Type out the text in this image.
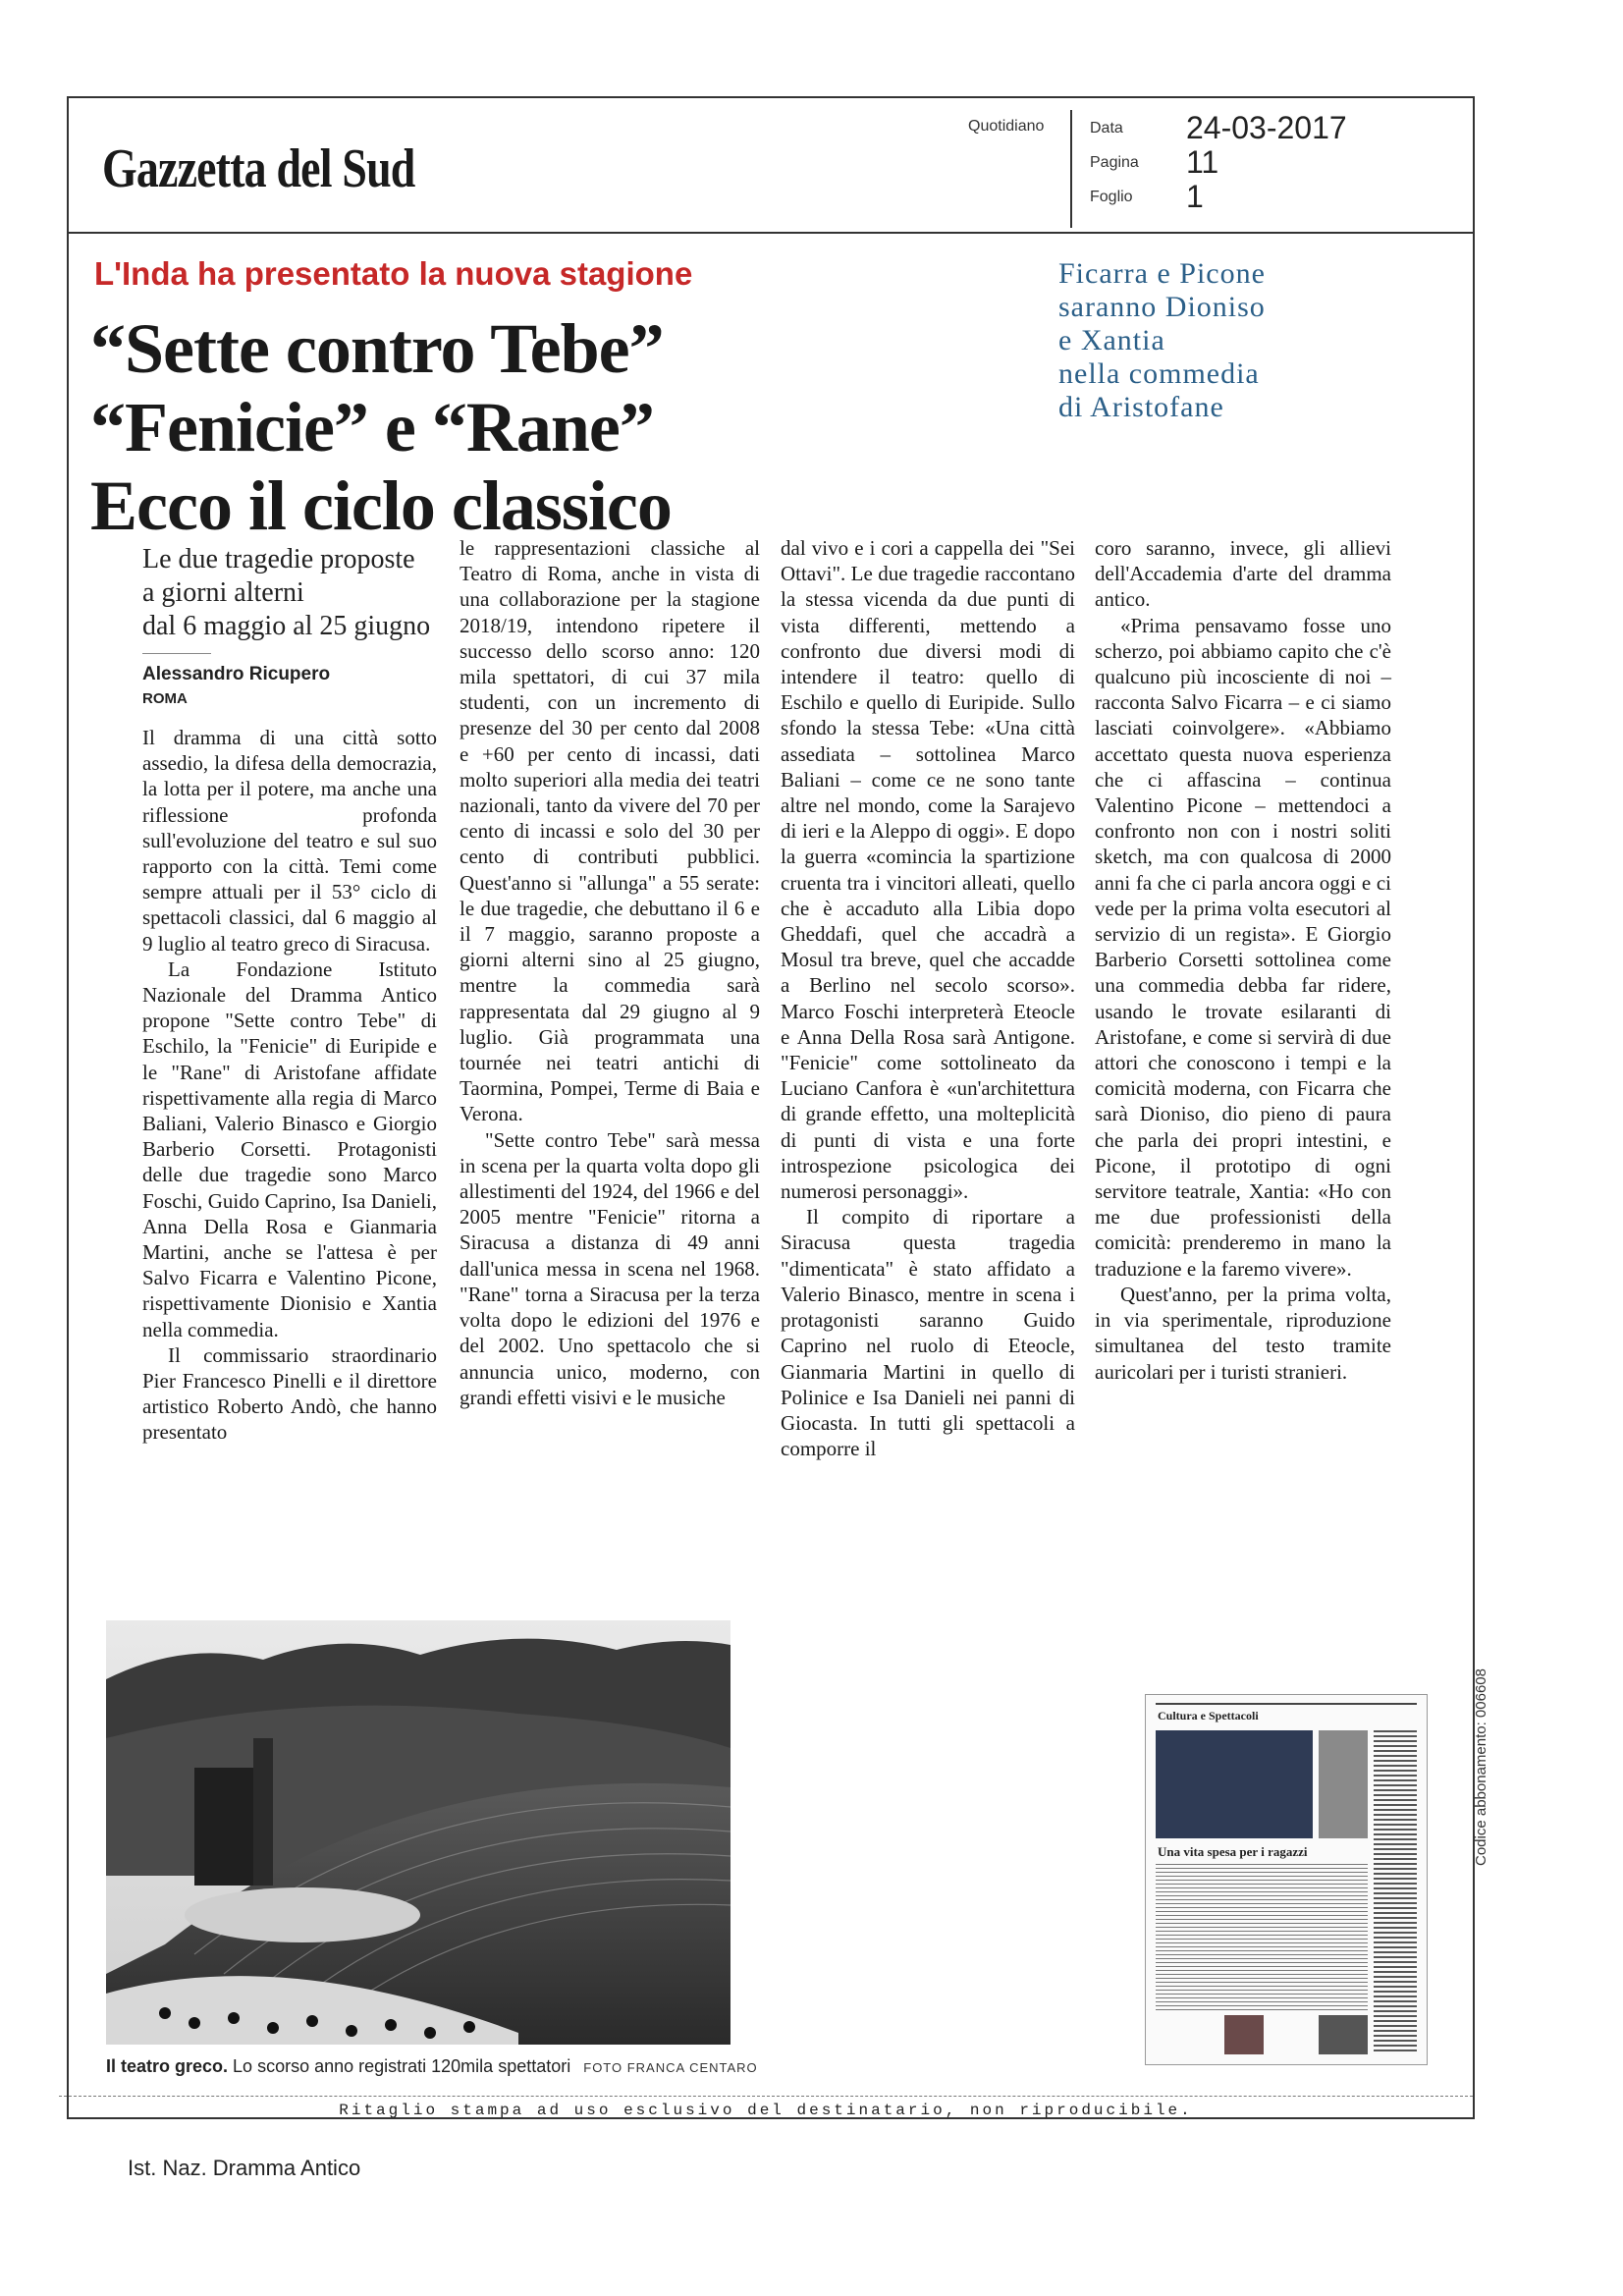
Gazzetta del Sud
Quotidiano	Data 24-03-2017
Pagina 11
Foglio 1
L'Inda ha presentato la nuova stagione
“Sette contro Tebe”
“Fenicie” e “Rane”
Ecco il ciclo classico
Le due tragedie proposte
a giorni alterni
dal 6 maggio al 25 giugno
Alessandro Ricupero
ROMA
Ficarra e Picone
saranno Dioniso
e Xantia
nella commedia
di Aristofane

Il dramma di una città sotto assedio, la difesa della democrazia, la lotta per il potere, ma anche una riflessione profonda sull'evoluzione del teatro e sul suo rapporto con la città. Temi come sempre attuali per il 53° ciclo di spettacoli classici, dal 6 maggio al 9 luglio al teatro greco di Siracusa.

La Fondazione Istituto Nazionale del Dramma Antico propone "Sette contro Tebe" di Eschilo, la "Fenicie" di Euripide e le "Rane" di Aristofane affidate rispettivamente alla regia di Marco Baliani, Valerio Binasco e Giorgio Barberio Corsetti. Protagonisti delle due tragedie sono Marco Foschi, Guido Caprino, Isa Danieli, Anna Della Rosa e Gianmaria Martini, anche se l'attesa è per Salvo Ficarra e Valentino Picone, rispettivamente Dionisio e Xantia nella commedia.

Il commissario straordinario Pier Francesco Pinelli e il direttore artistico Roberto Andò, che hanno presentato

le rappresentazioni classiche al Teatro di Roma, anche in vista di una collaborazione per la stagione 2018/19, intendono ripetere il successo dello scorso anno: 120 mila spettatori, di cui 37 mila studenti, con un incremento di presenze del 30 per cento dal 2008 e +60 per cento di incassi, dati molto superiori alla media dei teatri nazionali, tanto da vivere del 70 per cento di incassi e solo del 30 per cento di contributi pubblici. Quest'anno si "allunga" a 55 serate: le due tragedie, che debuttano il 6 e il 7 maggio, saranno proposte a giorni alterni sino al 25 giugno, mentre la commedia sarà rappresentata dal 29 giugno al 9 luglio. Già programmata una tournée nei teatri antichi di Taormina, Pompei, Terme di Baia e Verona.

"Sette contro Tebe" sarà messa in scena per la quarta volta dopo gli allestimenti del 1924, del 1966 e del 2005 mentre "Fenicie" ritorna a Siracusa a distanza di 49 anni dall'unica messa in scena nel 1968. "Rane" torna a Siracusa per la terza volta dopo le edizioni del 1976 e del 2002. Uno spettacolo che si annuncia unico, moderno, con grandi effetti visivi e le musiche

dal vivo e i cori a cappella dei "Sei Ottavi". Le due tragedie raccontano la stessa vicenda da due punti di vista differenti, mettendo a confronto due diversi modi di intendere il teatro: quello di Eschilo e quello di Euripide. Sullo sfondo la stessa Tebe: «Una città assediata – sottolinea Marco Baliani – come ce ne sono tante altre nel mondo, come la Sarajevo di ieri e la Aleppo di oggi». E dopo la guerra «comincia la spartizione cruenta tra i vincitori alleati, quello che è accaduto alla Libia dopo Gheddafi, quel che accadrà a Mosul tra breve, quel che accadde a Berlino nel secolo scorso». Marco Foschi interpreterà Eteocle e Anna Della Rosa sarà Antigone. "Fenicie" come sottolineato da Luciano Canfora è «un'architettura di grande effetto, una molteplicità di punti di vista e una forte introspezione psicologica dei numerosi personaggi».

Il compito di riportare a Siracusa questa tragedia "dimenticata" è stato affidato a Valerio Binasco, mentre in scena i protagonisti saranno Guido Caprino nel ruolo di Eteocle, Gianmaria Martini in quello di Polinice e Isa Danieli nei panni di Giocasta. In tutti gli spettacoli a comporre il

coro saranno, invece, gli allievi dell'Accademia d'arte del dramma antico.

«Prima pensavamo fosse uno scherzo, poi abbiamo capito che c'è qualcuno più incosciente di noi – racconta Salvo Ficarra – e ci siamo lasciati coinvolgere». «Abbiamo accettato questa nuova esperienza che ci affascina – continua Valentino Picone – mettendoci a confronto non con i nostri soliti sketch, ma con qualcosa di 2000 anni fa che ci parla ancora oggi e ci vede per la prima volta esecutori al servizio di un regista». E Giorgio Barberio Corsetti sottolinea come una commedia debba far ridere, usando le trovate esilaranti di Aristofane, e come si servirà di due attori che conoscono i tempi e la comicità moderna, con Ficarra che sarà Dioniso, dio pieno di paura che parla dei propri intestini, e Picone, il prototipo di ogni servitore teatrale, Xantia: «Ho con me due professionisti della comicità: prenderemo in mano la traduzione e la faremo vivere».

Quest'anno, per la prima volta, in via sperimentale, riproduzione simultanea del testo tramite auricolari per i turisti stranieri.

Il teatro greco. Lo scorso anno registrati 120mila spettatori FOTO FRANCA CENTARO
Cultura e Spettacoli
Una vita spesa per i ragazzi	Codice abbonamento: 006608
Ritaglio stampa ad uso esclusivo del destinatario, non riproducibile.
Ist. Naz. Dramma Antico
